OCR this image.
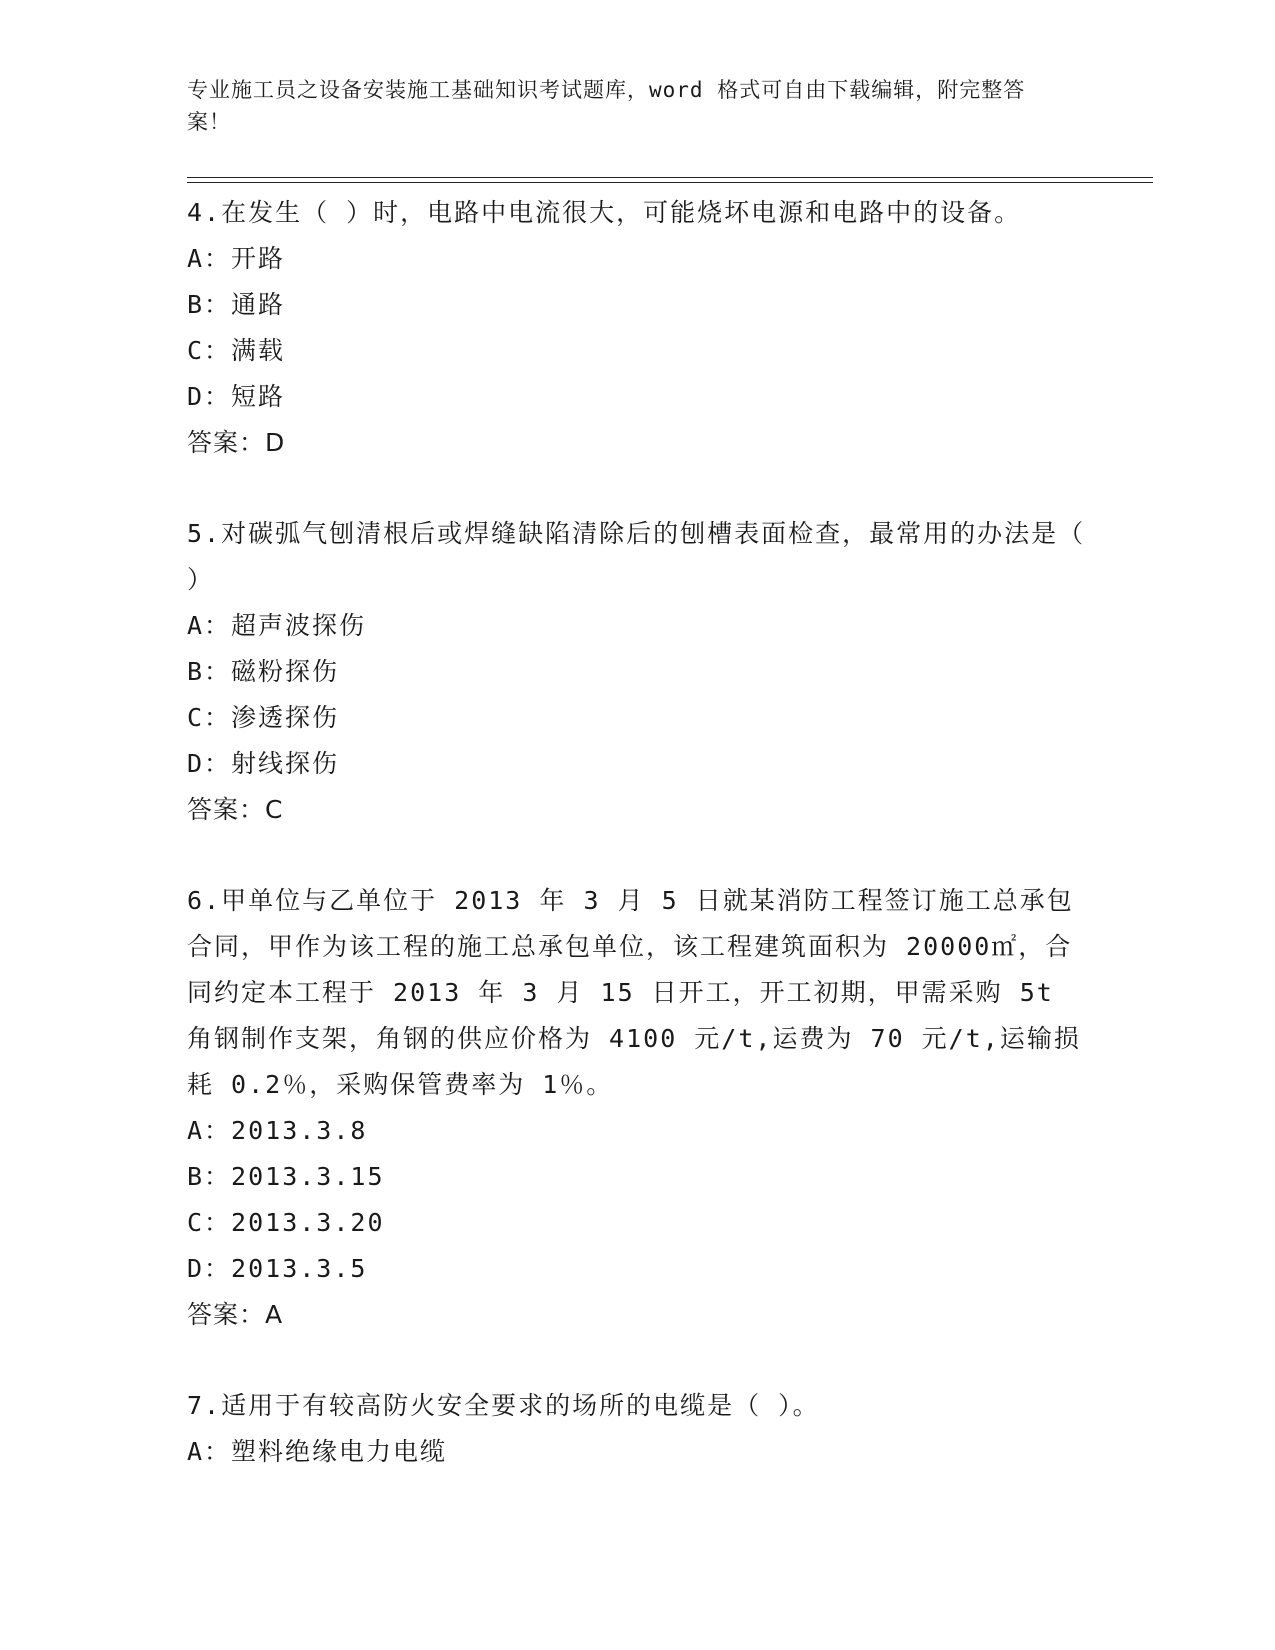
专业施工员之设备安装施工基础知识考试题库，word 格式可自由下载编辑，附完整答案！
4.在发生（ ）时，电路中电流很大，可能烧坏电源和电路中的设备。
A：开路
B：通路
C：满载
D：短路
答案：D
5.对碳弧气刨清根后或焊缝缺陷清除后的刨槽表面检查，最常用的办法是（ ）
A：超声波探伤
B：磁粉探伤
C：渗透探伤
D：射线探伤
答案：C
6.甲单位与乙单位于 2013 年 3 月 5 日就某消防工程签订施工总承包合同，甲作为该工程的施工总承包单位，该工程建筑面积为 20000㎡，合同约定本工程于 2013 年 3 月 15 日开工，开工初期，甲需采购 5t 角钢制作支架，角钢的供应价格为 4100 元/t,运费为 70 元/t,运输损耗 0.2％，采购保管费率为 1％。
A：2013.3.8
B：2013.3.15
C：2013.3.20
D：2013.3.5
答案：A
7.适用于有较高防火安全要求的场所的电缆是（ ）。
A：塑料绝缘电力电缆
